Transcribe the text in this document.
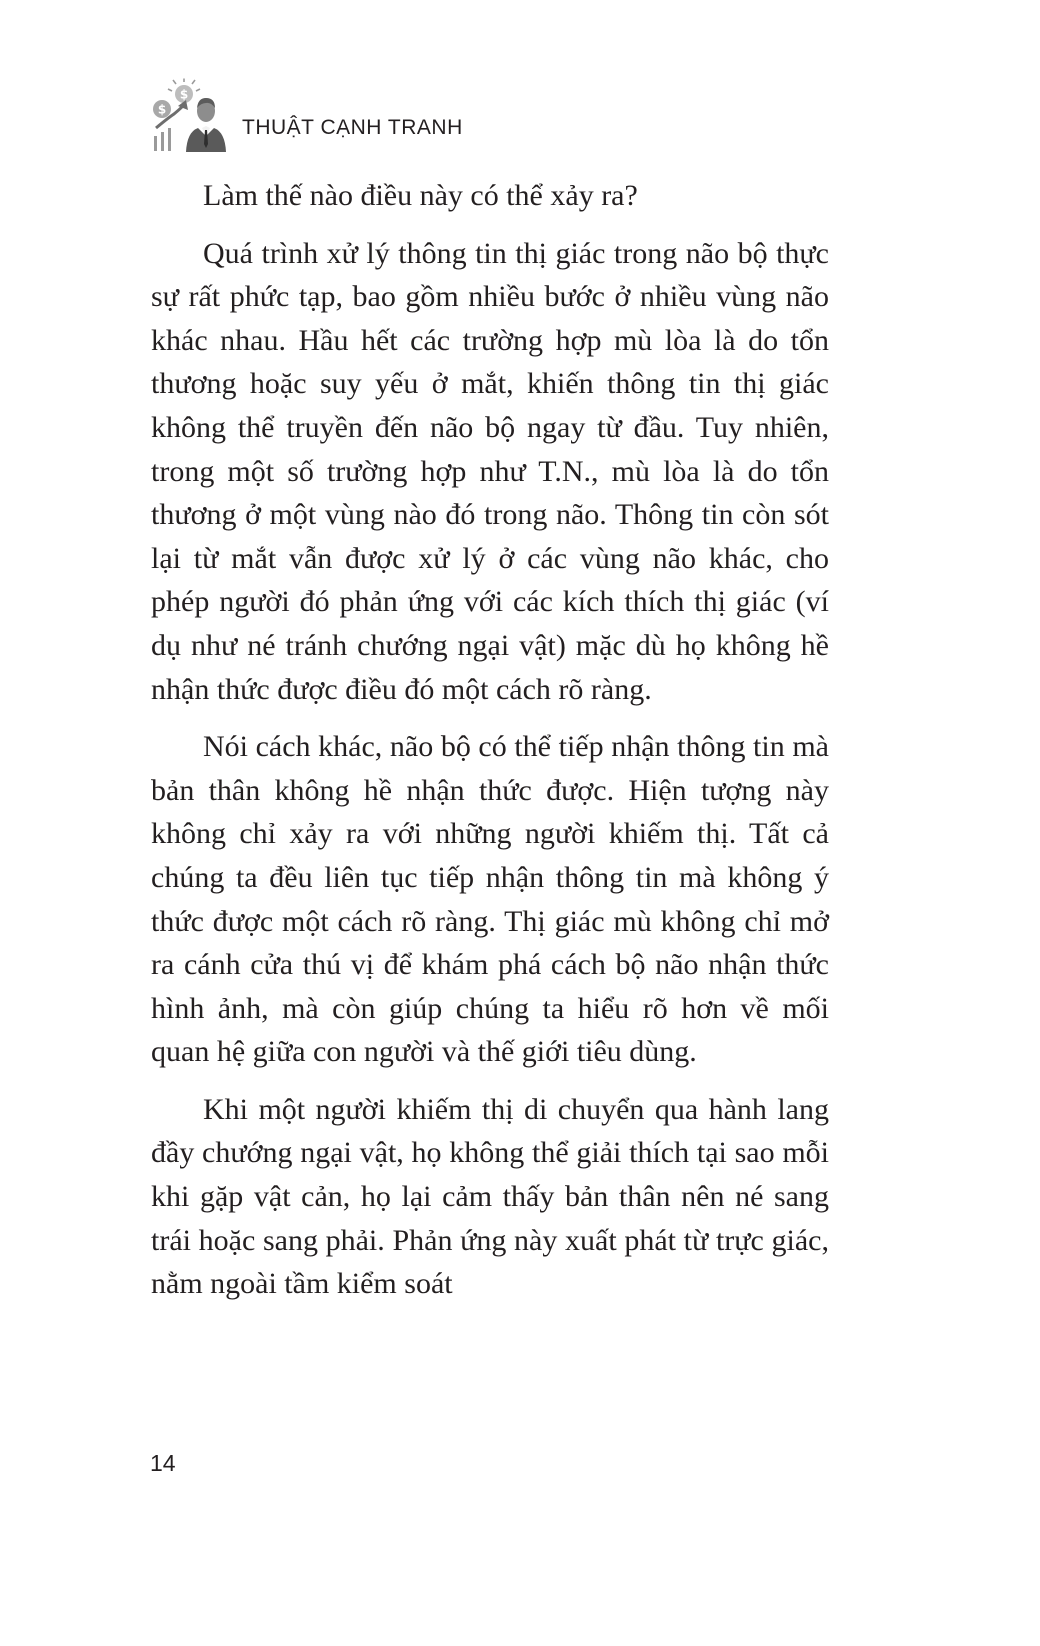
$
$
THUẬT CẠNH TRANH

Làm thế nào điều này có thể xảy ra?

Quá trình xử lý thông tin thị giác trong não bộ thực sự rất phức tạp, bao gồm nhiều bước ở nhiều vùng não khác nhau. Hầu hết các trường hợp mù lòa là do tổn thương hoặc suy yếu ở mắt, khiến thông tin thị giác không thể truyền đến não bộ ngay từ đầu. Tuy nhiên, trong một số trường hợp như T.N., mù lòa là do tổn thương ở một vùng nào đó trong não. Thông tin còn sót lại từ mắt vẫn được xử lý ở các vùng não khác, cho phép người đó phản ứng với các kích thích thị giác (ví dụ như né tránh chướng ngại vật) mặc dù họ không hề nhận thức được điều đó một cách rõ ràng.

Nói cách khác, não bộ có thể tiếp nhận thông tin mà bản thân không hề nhận thức được. Hiện tượng này không chỉ xảy ra với những người khiếm thị. Tất cả chúng ta đều liên tục tiếp nhận thông tin mà không ý thức được một cách rõ ràng. Thị giác mù không chỉ mở ra cánh cửa thú vị để khám phá cách bộ não nhận thức hình ảnh, mà còn giúp chúng ta hiểu rõ hơn về mối quan hệ giữa con người và thế giới tiêu dùng.

Khi một người khiếm thị di chuyển qua hành lang đầy chướng ngại vật, họ không thể giải thích tại sao mỗi khi gặp vật cản, họ lại cảm thấy bản thân nên né sang trái hoặc sang phải. Phản ứng này xuất phát từ trực giác, nằm ngoài tầm kiểm soát

14
